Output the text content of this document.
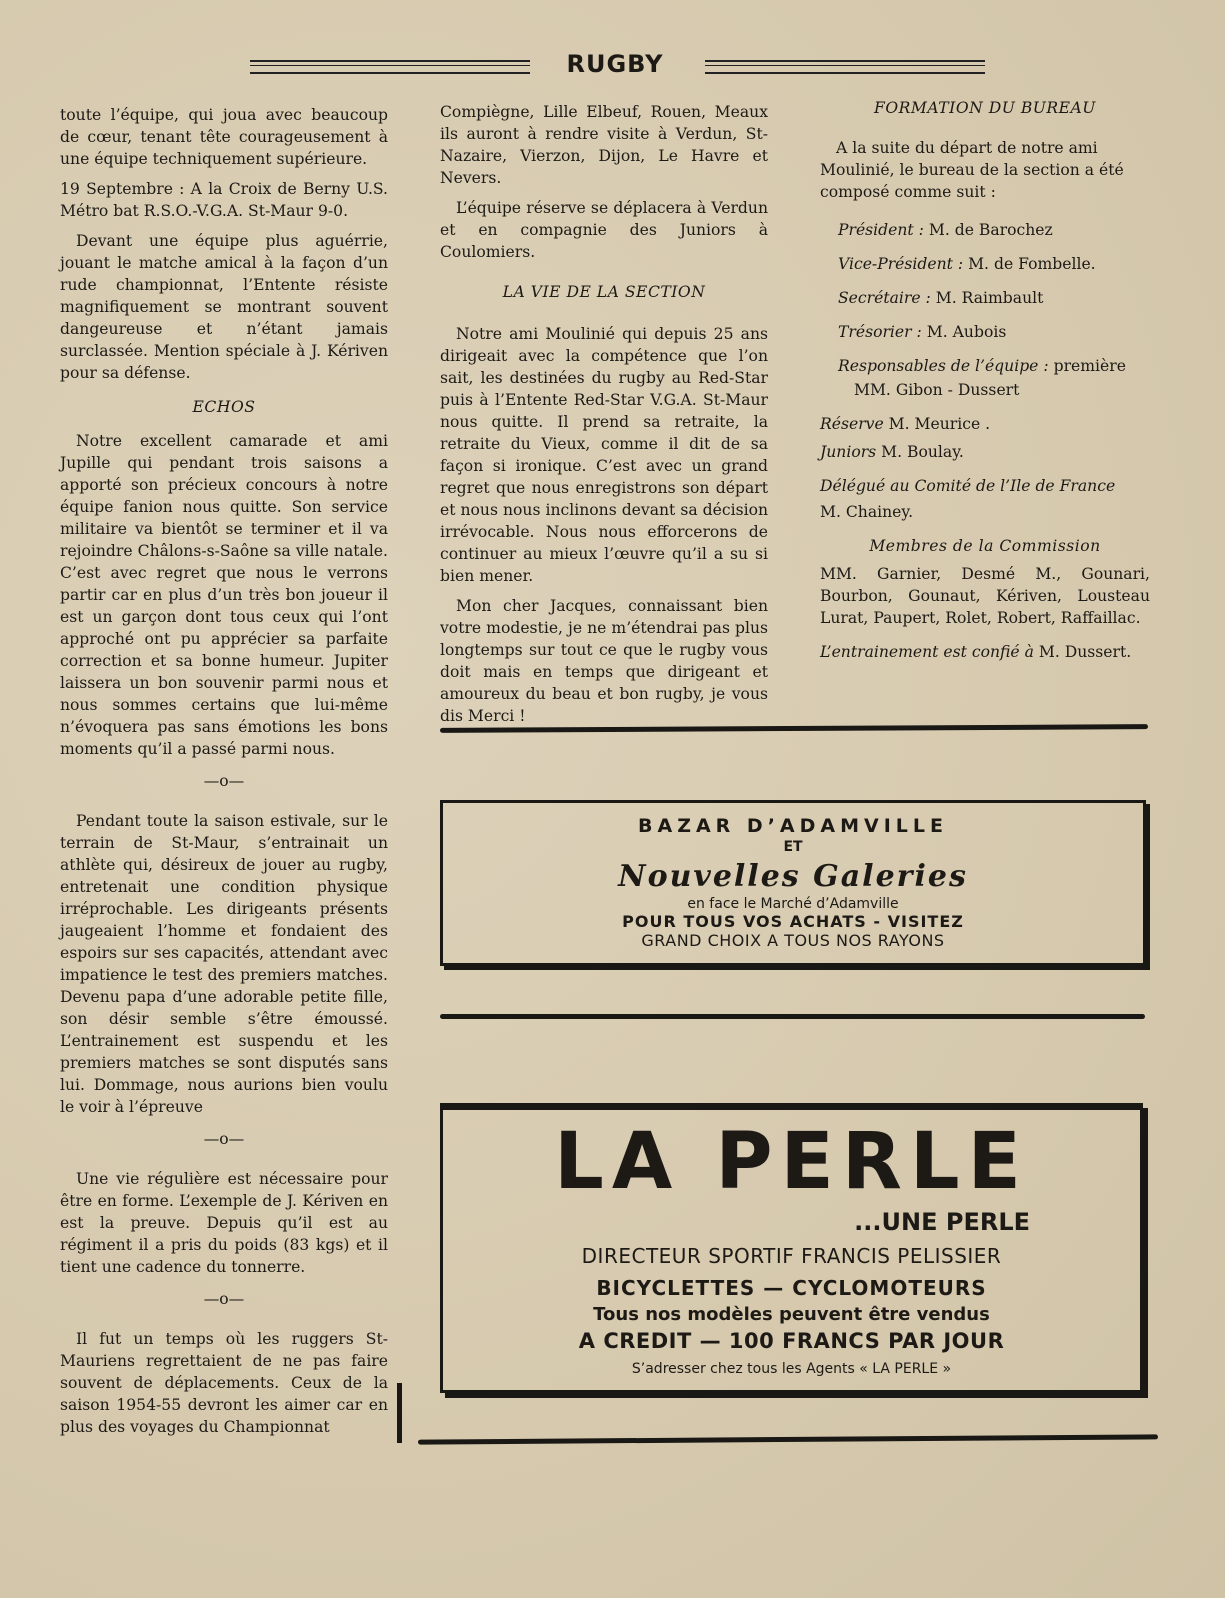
RUGBY

toute l’équipe, qui joua avec beaucoup de cœur, tenant tête courageusement à une équipe techniquement supérieure.

19 Septembre : A la Croix de Berny U.S. Métro bat R.S.O.-V.G.A. St-Maur 9-0.

Devant une équipe plus aguérrie, jouant le matche amical à la façon d’un rude championnat, l’Entente résiste magnifiquement se montrant souvent dangeureuse et n’étant jamais surclassée. Mention spéciale à J. Kériven pour sa défense.

ECHOS

Notre excellent camarade et ami Jupille qui pendant trois saisons a apporté son précieux concours à notre équipe fanion nous quitte. Son service militaire va bientôt se terminer et il va rejoindre Châlons-s-Saône sa ville natale. C’est avec regret que nous le verrons partir car en plus d’un très bon joueur il est un garçon dont tous ceux qui l’ont approché ont pu apprécier sa parfaite correction et sa bonne humeur. Jupiter laissera un bon souvenir parmi nous et nous sommes certains que lui-même n’évoquera pas sans émotions les bons moments qu’il a passé parmi nous.

—o—

Pendant toute la saison estivale, sur le terrain de St-Maur, s’entrainait un athlète qui, désireux de jouer au rugby, entretenait une condition physique irréprochable. Les dirigeants présents jaugeaient l’homme et fondaient des espoirs sur ses capacités, attendant avec impatience le test des premiers matches. Devenu papa d’une adorable petite fille, son désir semble s’être émoussé. L’entrainement est suspendu et les premiers matches se sont disputés sans lui. Dommage, nous aurions bien voulu le voir à l’épreuve

—o—

Une vie régulière est nécessaire pour être en forme. L’exemple de J. Kériven en est la preuve. Depuis qu’il est au régiment il a pris du poids (83 kgs) et il tient une cadence du tonnerre.

—o—

Il fut un temps où les ruggers St-Mauriens regrettaient de ne pas faire souvent de déplacements. Ceux de la saison 1954-55 devront les aimer car en plus des voyages du Championnat

Compiègne, Lille Elbeuf, Rouen, Meaux ils auront à rendre visite à Verdun, St-Nazaire, Vierzon, Dijon, Le Havre et Nevers.

L’équipe réserve se déplacera à Verdun et en compagnie des Juniors à Coulomiers.

LA VIE DE LA SECTION

Notre ami Moulinié qui depuis 25 ans dirigeait avec la compétence que l’on sait, les destinées du rugby au Red-Star puis à l’Entente Red-Star V.G.A. St-Maur nous quitte. Il prend sa retraite, la retraite du Vieux, comme il dit de sa façon si ironique. C’est avec un grand regret que nous enregistrons son départ et nous nous inclinons devant sa décision irrévocable. Nous nous efforcerons de continuer au mieux l’œuvre qu’il a su si bien mener.

Mon cher Jacques, connaissant bien votre modestie, je ne m’étendrai pas plus longtemps sur tout ce que le rugby vous doit mais en temps que dirigeant et amoureux du beau et bon rugby, je vous dis Merci !

FORMATION DU BUREAU

A la suite du départ de notre ami Moulinié, le bureau de la section a été composé comme suit :

Président : M. de Barochez

Vice-Président : M. de Fombelle.

Secrétaire : M. Raimbault

Trésorier : M. Aubois

Responsables de l’équipe : première

MM. Gibon - Dussert

Réserve M. Meurice .

Juniors M. Boulay.

Délégué au Comité de l’Ile de France

M. Chainey.

Membres de la Commission

MM. Garnier, Desmé M., Gounari, Bourbon, Gounaut, Kériven, Lousteau Lurat, Paupert, Rolet, Robert, Raffaillac.

L’entrainement est confié à M. Dussert.

BAZAR D’ADAMVILLE
ET
Nouvelles Galeries
en face le Marché d’Adamville
POUR TOUS VOS ACHATS - VISITEZ
GRAND CHOIX A TOUS NOS RAYONS
LA PERLE
...UNE PERLE
DIRECTEUR SPORTIF FRANCIS PELISSIER
BICYCLETTES — CYCLOMOTEURS
Tous nos modèles peuvent être vendus
A CREDIT — 100 FRANCS PAR JOUR
S’adresser chez tous les Agents « LA PERLE »
